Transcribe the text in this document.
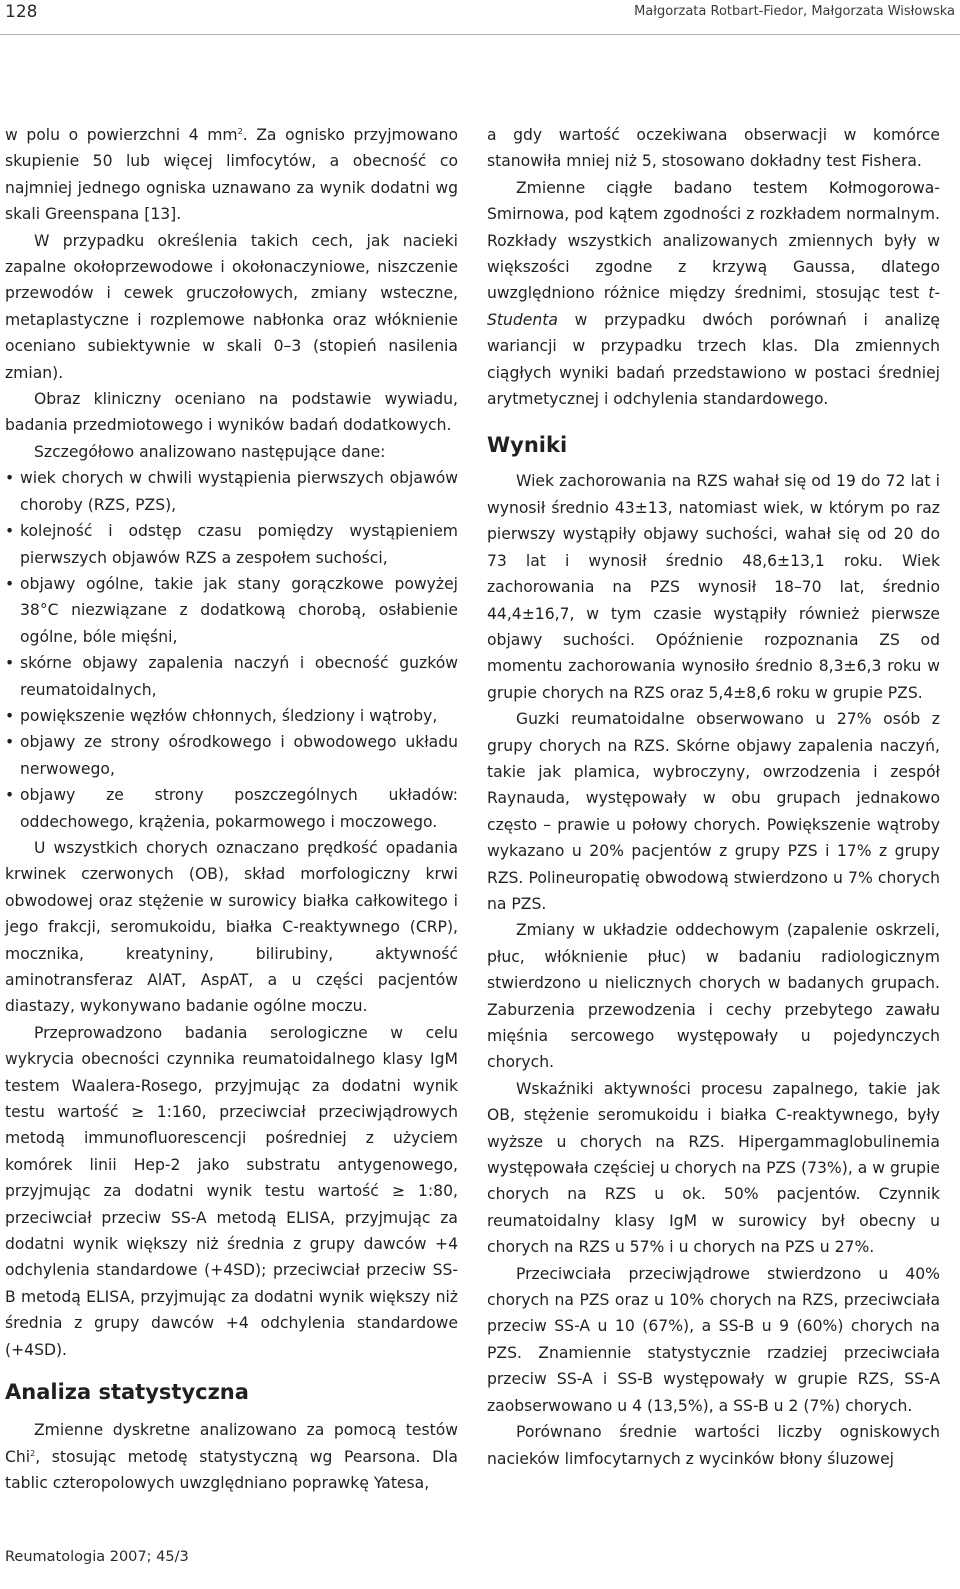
128	Małgorzata Rotbart-Fiedor, Małgorzata Wisłowska

w polu o powierzchni 4 $mm^2$. Za ognisko przyjmowano skupienie 50 lub więcej limfocytów, a obecność co najmniej jednego ogniska uznawano za wynik dodatni wg skali Greenspana [13].

W przypadku określenia takich cech, jak nacieki zapalne okołoprzewodowe i okołonaczyniowe, niszczenie przewodów i cewek gruczołowych, zmiany wsteczne, metaplastyczne i rozplemowe nabłonka oraz włóknienie oceniano subiektywnie w skali 0–3 (stopień nasilenia zmian).

Obraz kliniczny oceniano na podstawie wywiadu, badania przedmiotowego i wyników badań dodatkowych.

Szczegółowo analizowano następujące dane:

• wiek chorych w chwili wystąpienia pierwszych objawów choroby (RZS, PZS),
• kolejność i odstęp czasu pomiędzy wystąpieniem pierwszych objawów RZS a zespołem suchości,
• objawy ogólne, takie jak stany gorączkowe powyżej 38°C niezwiązane z dodatkową chorobą, osłabienie ogólne, bóle mięśni,
• skórne objawy zapalenia naczyń i obecność guzków reumatoidalnych,
• powiększenie węzłów chłonnych, śledziony i wątroby,
• objawy ze strony ośrodkowego i obwodowego układu nerwowego,
• objawy ze strony poszczególnych układów: oddechowego, krążenia, pokarmowego i moczowego.

U wszystkich chorych oznaczano prędkość opadania krwinek czerwonych (OB), skład morfologiczny krwi obwodowej oraz stężenie w surowicy białka całkowitego i jego frakcji, seromukoidu, białka C-reaktywnego (CRP), mocznika, kreatyniny, bilirubiny, aktywność aminotransferaz AlAT, AspAT, a u części pacjentów diastazy, wykonywano badanie ogólne moczu.

Przeprowadzono badania serologiczne w celu wykrycia obecności czynnika reumatoidalnego klasy IgM testem Waalera-Rosego, przyjmując za dodatni wynik testu wartość ≥ 1:160, przeciwciał przeciwjądrowych metodą immunofluorescencji pośredniej z użyciem komórek linii Hep-2 jako substratu antygenowego, przyjmując za dodatni wynik testu wartość ≥ 1:80, przeciwciał przeciw SS-A metodą ELISA, przyjmując za dodatni wynik większy niż średnia z grupy dawców +4 odchylenia standardowe (+4SD); przeciwciał przeciw SS-B metodą ELISA, przyjmując za dodatni wynik większy niż średnia z grupy dawców +4 odchylenia standardowe (+4SD).

Analiza statystyczna

Zmienne dyskretne analizowano za pomocą testów Chi$^2$, stosując metodę statystyczną wg Pearsona. Dla tablic czteropolowych uwzględniano poprawkę Yatesa,

a gdy wartość oczekiwana obserwacji w komórce stanowiła mniej niż 5, stosowano dokładny test Fishera.

Zmienne ciągłe badano testem Kołmogorowa-Smirnowa, pod kątem zgodności z rozkładem normalnym. Rozkłady wszystkich analizowanych zmiennych były w większości zgodne z krzywą Gaussa, dlatego uwzględniono różnice między średnimi, stosując test t-Studenta w przypadku dwóch porównań i analizę wariancji w przypadku trzech klas. Dla zmiennych ciągłych wyniki badań przedstawiono w postaci średniej arytmetycznej i odchylenia standardowego.

Wyniki

Wiek zachorowania na RZS wahał się od 19 do 72 lat i wynosił średnio 43±13, natomiast wiek, w którym po raz pierwszy wystąpiły objawy suchości, wahał się od 20 do 73 lat i wynosił średnio 48,6±13,1 roku. Wiek zachorowania na PZS wynosił 18–70 lat, średnio 44,4±16,7, w tym czasie wystąpiły również pierwsze objawy suchości. Opóźnienie rozpoznania ZS od momentu zachorowania wynosiło średnio 8,3±6,3 roku w grupie chorych na RZS oraz 5,4±8,6 roku w grupie PZS.

Guzki reumatoidalne obserwowano u 27% osób z grupy chorych na RZS. Skórne objawy zapalenia naczyń, takie jak plamica, wybroczyny, owrzodzenia i zespół Raynauda, występowały w obu grupach jednakowo często – prawie u połowy chorych. Powiększenie wątroby wykazano u 20% pacjentów z grupy PZS i 17% z grupy RZS. Polineuropatię obwodową stwierdzono u 7% chorych na PZS.

Zmiany w układzie oddechowym (zapalenie oskrzeli, płuc, włóknienie płuc) w badaniu radiologicznym stwierdzono u nielicznych chorych w badanych grupach. Zaburzenia przewodzenia i cechy przebytego zawału mięśnia sercowego występowały u pojedynczych chorych.

Wskaźniki aktywności procesu zapalnego, takie jak OB, stężenie seromukoidu i białka C-reaktywnego, były wyższe u chorych na RZS. Hipergammaglobulinemia występowała częściej u chorych na PZS (73%), a w grupie chorych na RZS u ok. 50% pacjentów. Czynnik reumatoidalny klasy IgM w surowicy był obecny u chorych na RZS u 57% i u chorych na PZS u 27%.

Przeciwciała przeciwjądrowe stwierdzono u 40% chorych na PZS oraz u 10% chorych na RZS, przeciwciała przeciw SS-A u 10 (67%), a SS-B u 9 (60%) chorych na PZS. Znamiennie statystycznie rzadziej przeciwciała przeciw SS-A i SS-B występowały w grupie RZS, SS-A zaobserwowano u 4 (13,5%), a SS-B u 2 (7%) chorych.

Porównano średnie wartości liczby ogniskowych nacieków limfocytarnych z wycinków błony śluzowej

Reumatologia 2007; 45/3
